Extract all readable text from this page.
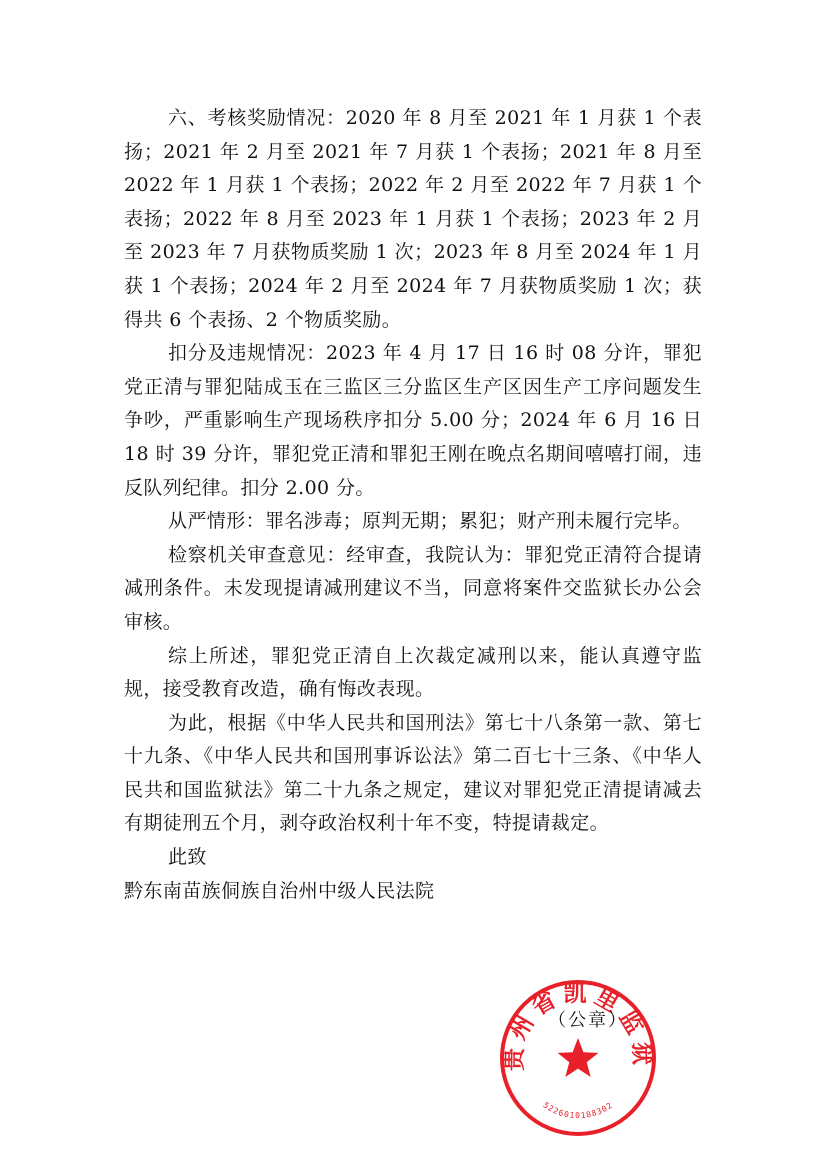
六、考核奖励情况：2020 年 8 月至 2021 年 1 月获 1 个表扬；2021 年 2 月至 2021 年 7 月获 1 个表扬；2021 年 8 月至 2022 年 1 月获 1 个表扬；2022 年 2 月至 2022 年 7 月获 1 个表扬；2022 年 8 月至 2023 年 1 月获 1 个表扬；2023 年 2 月至 2023 年 7 月获物质奖励 1 次；2023 年 8 月至 2024 年 1 月获 1 个表扬；2024 年 2 月至 2024 年 7 月获物质奖励 1 次；获得共 6 个表扬、2 个物质奖励。

扣分及违规情况：2023 年 4 月 17 日 16 时 08 分许，罪犯党正清与罪犯陆成玉在三监区三分监区生产区因生产工序问题发生争吵，严重影响生产现场秩序扣分 5.00 分；2024 年 6 月 16 日 18 时 39 分许，罪犯党正清和罪犯王刚在晚点名期间嘻嘻打闹，违反队列纪律。扣分 2.00 分。

从严情形：罪名涉毒；原判无期；累犯；财产刑未履行完毕。

检察机关审查意见：经审查，我院认为：罪犯党正清符合提请减刑条件。未发现提请减刑建议不当，同意将案件交监狱长办公会审核。

综上所述，罪犯党正清自上次裁定减刑以来，能认真遵守监规，接受教育改造，确有悔改表现。

为此，根据《中华人民共和国刑法》第七十八条第一款、第七十九条、《中华人民共和国刑事诉讼法》第二百七十三条、《中华人民共和国监狱法》第二十九条之规定，建议对罪犯党正清提请减去有期徒刑五个月，剥夺政治权利十年不变，特提请裁定。

此致

黔东南苗族侗族自治州中级人民法院

贵州省凯里监狱
5226010188302
（公章）
